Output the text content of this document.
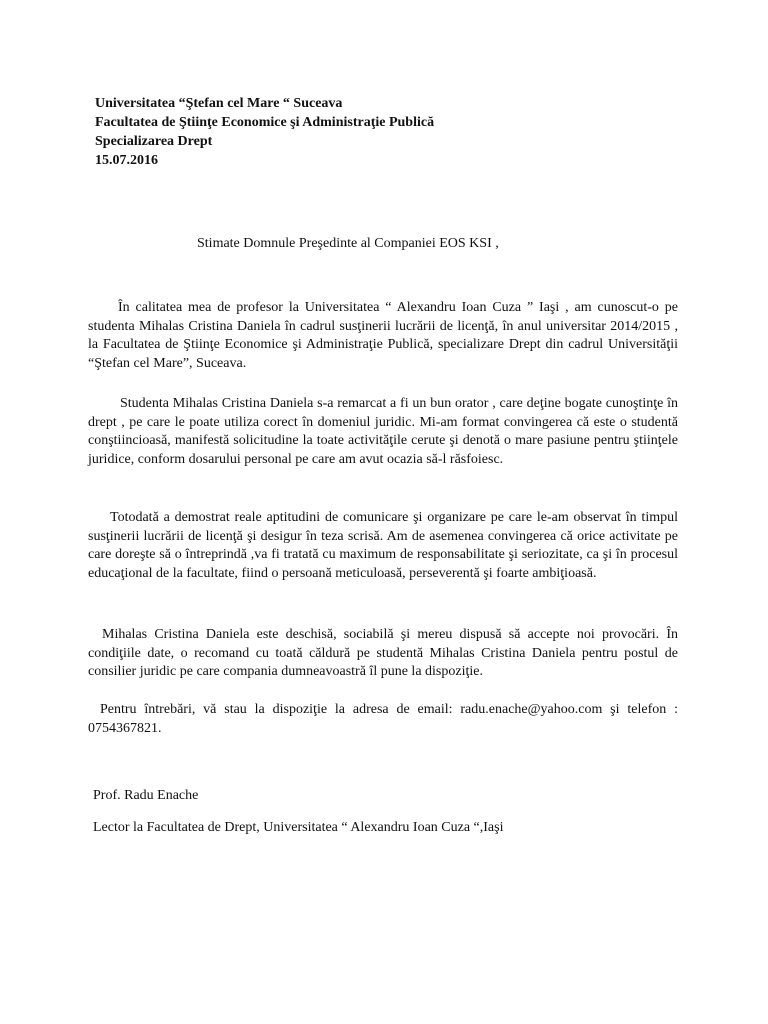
Universitatea “Ştefan cel Mare “ Suceava
Facultatea de Ştiinţe Economice şi Administraţie Publică
Specializarea Drept
15.07.2016
Stimate Domnule Preşedinte al Companiei EOS KSI ,

În calitatea mea de profesor la Universitatea “ Alexandru Ioan Cuza ” Iaşi , am cunoscut-o pe studenta Mihalas Cristina Daniela în cadrul susţinerii lucrării de licenţă, în anul universitar 2014/2015 , la Facultatea de Ştiinţe Economice şi Administraţie Publică, specializare Drept din cadrul Universităţii “Ştefan cel Mare”, Suceava.

Studenta Mihalas Cristina Daniela s-a remarcat a fi un bun orator , care deţine bogate cunoştinţe în drept , pe care le poate utiliza corect în domeniul juridic. Mi-am format convingerea că este o studentă conştiincioasă, manifestă solicitudine la toate activităţile cerute şi denotă o mare pasiune pentru ştiinţele juridice, conform dosarului personal pe care am avut ocazia să-l răsfoiesc.

Totodată a demostrat reale aptitudini de comunicare şi organizare pe care le-am observat în timpul susţinerii lucrării de licenţă şi desigur în teza scrisă. Am de asemenea convingerea că orice activitate pe care doreşte să o întreprindă ,va fi tratată cu maximum de responsabilitate şi seriozitate, ca şi în procesul educaţional de la facultate, fiind o persoană meticuloasă, perseverentă şi foarte ambiţioasă.

Mihalas Cristina Daniela este deschisă, sociabilă şi mereu dispusă să accepte noi provocări. În condiţiile date, o recomand cu toată căldură pe studentă Mihalas Cristina Daniela pentru postul de consilier juridic pe care compania dumneavoastră îl pune la dispoziţie.

Pentru întrebări, vă stau la dispoziţie la adresa de email: radu.enache@yahoo.com şi telefon : 0754367821.

Prof. Radu Enache
Lector la Facultatea de Drept, Universitatea “ Alexandru Ioan Cuza “,Iaşi
